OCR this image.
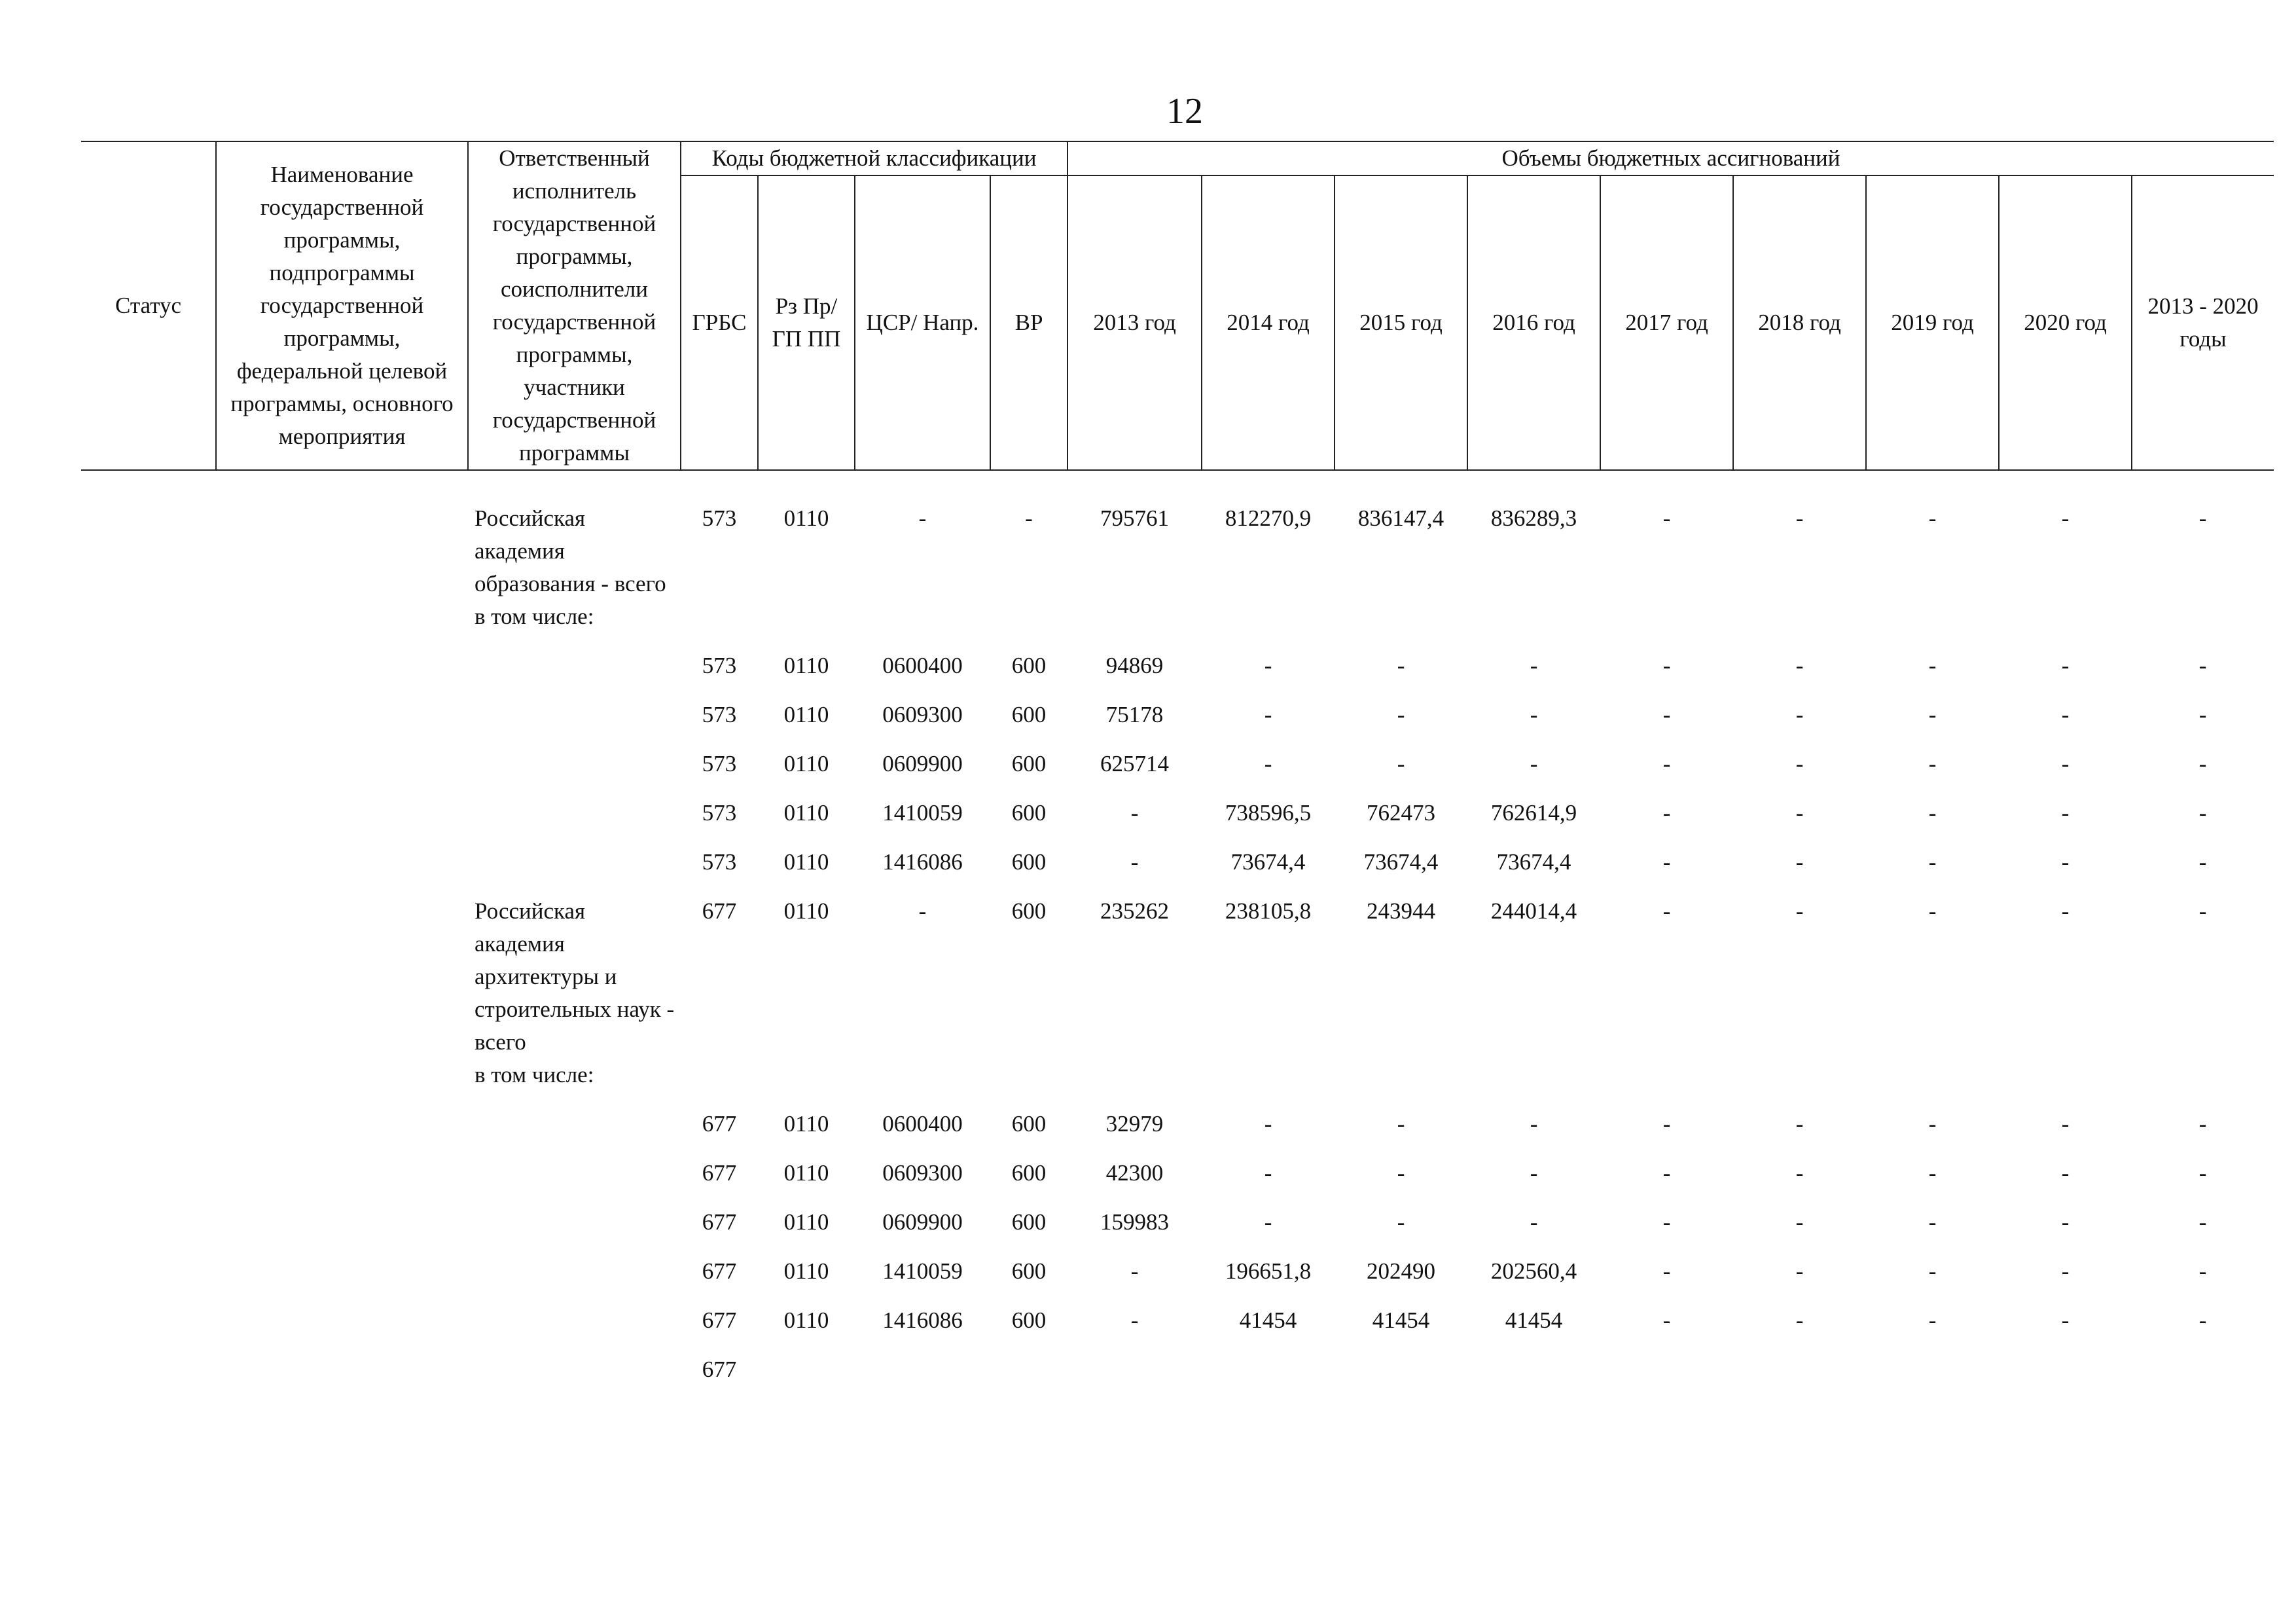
12
Статус	Наименование государственной программы, подпрограммы государственной программы, федеральной целевой программы, основного мероприятия	Ответственный исполнитель государственной программы, соисполнители государственной программы, участники государственной программы	Коды бюджетной классификации				Объемы бюджетных ассигнований								
			ГРБС	Рз Пр/ ГП ПП	ЦСР/ Напр.	ВР	2013 год	2014 год	2015 год	2016 год	2017 год	2018 год	2019 год	2020 год	2013 - 2020 годы

		Российская академия образования - всего	573	0110	-	-	795761	812270,9	836147,4	836289,3	-	-	-	-	-
		в том числе:													
			573	0110	0600400	600	94869	-	-	-	-	-	-	-	-
			573	0110	0609300	600	75178	-	-	-	-	-	-	-	-
			573	0110	0609900	600	625714	-	-	-	-	-	-	-	-
			573	0110	1410059	600	-	738596,5	762473	762614,9	-	-	-	-	-
			573	0110	1416086	600	-	73674,4	73674,4	73674,4	-	-	-	-	-
		Российская академия архитектуры и строительных наук - всего	677	0110	-	600	235262	238105,8	243944	244014,4	-	-	-	-	-
		в том числе:													
			677	0110	0600400	600	32979	-	-	-	-	-	-	-	-
			677	0110	0609300	600	42300	-	-	-	-	-	-	-	-
			677	0110	0609900	600	159983	-	-	-	-	-	-	-	-
			677	0110	1410059	600	-	196651,8	202490	202560,4	-	-	-	-	-
			677	0110	1416086	600	-	41454	41454	41454	-	-	-	-	-
			677												
